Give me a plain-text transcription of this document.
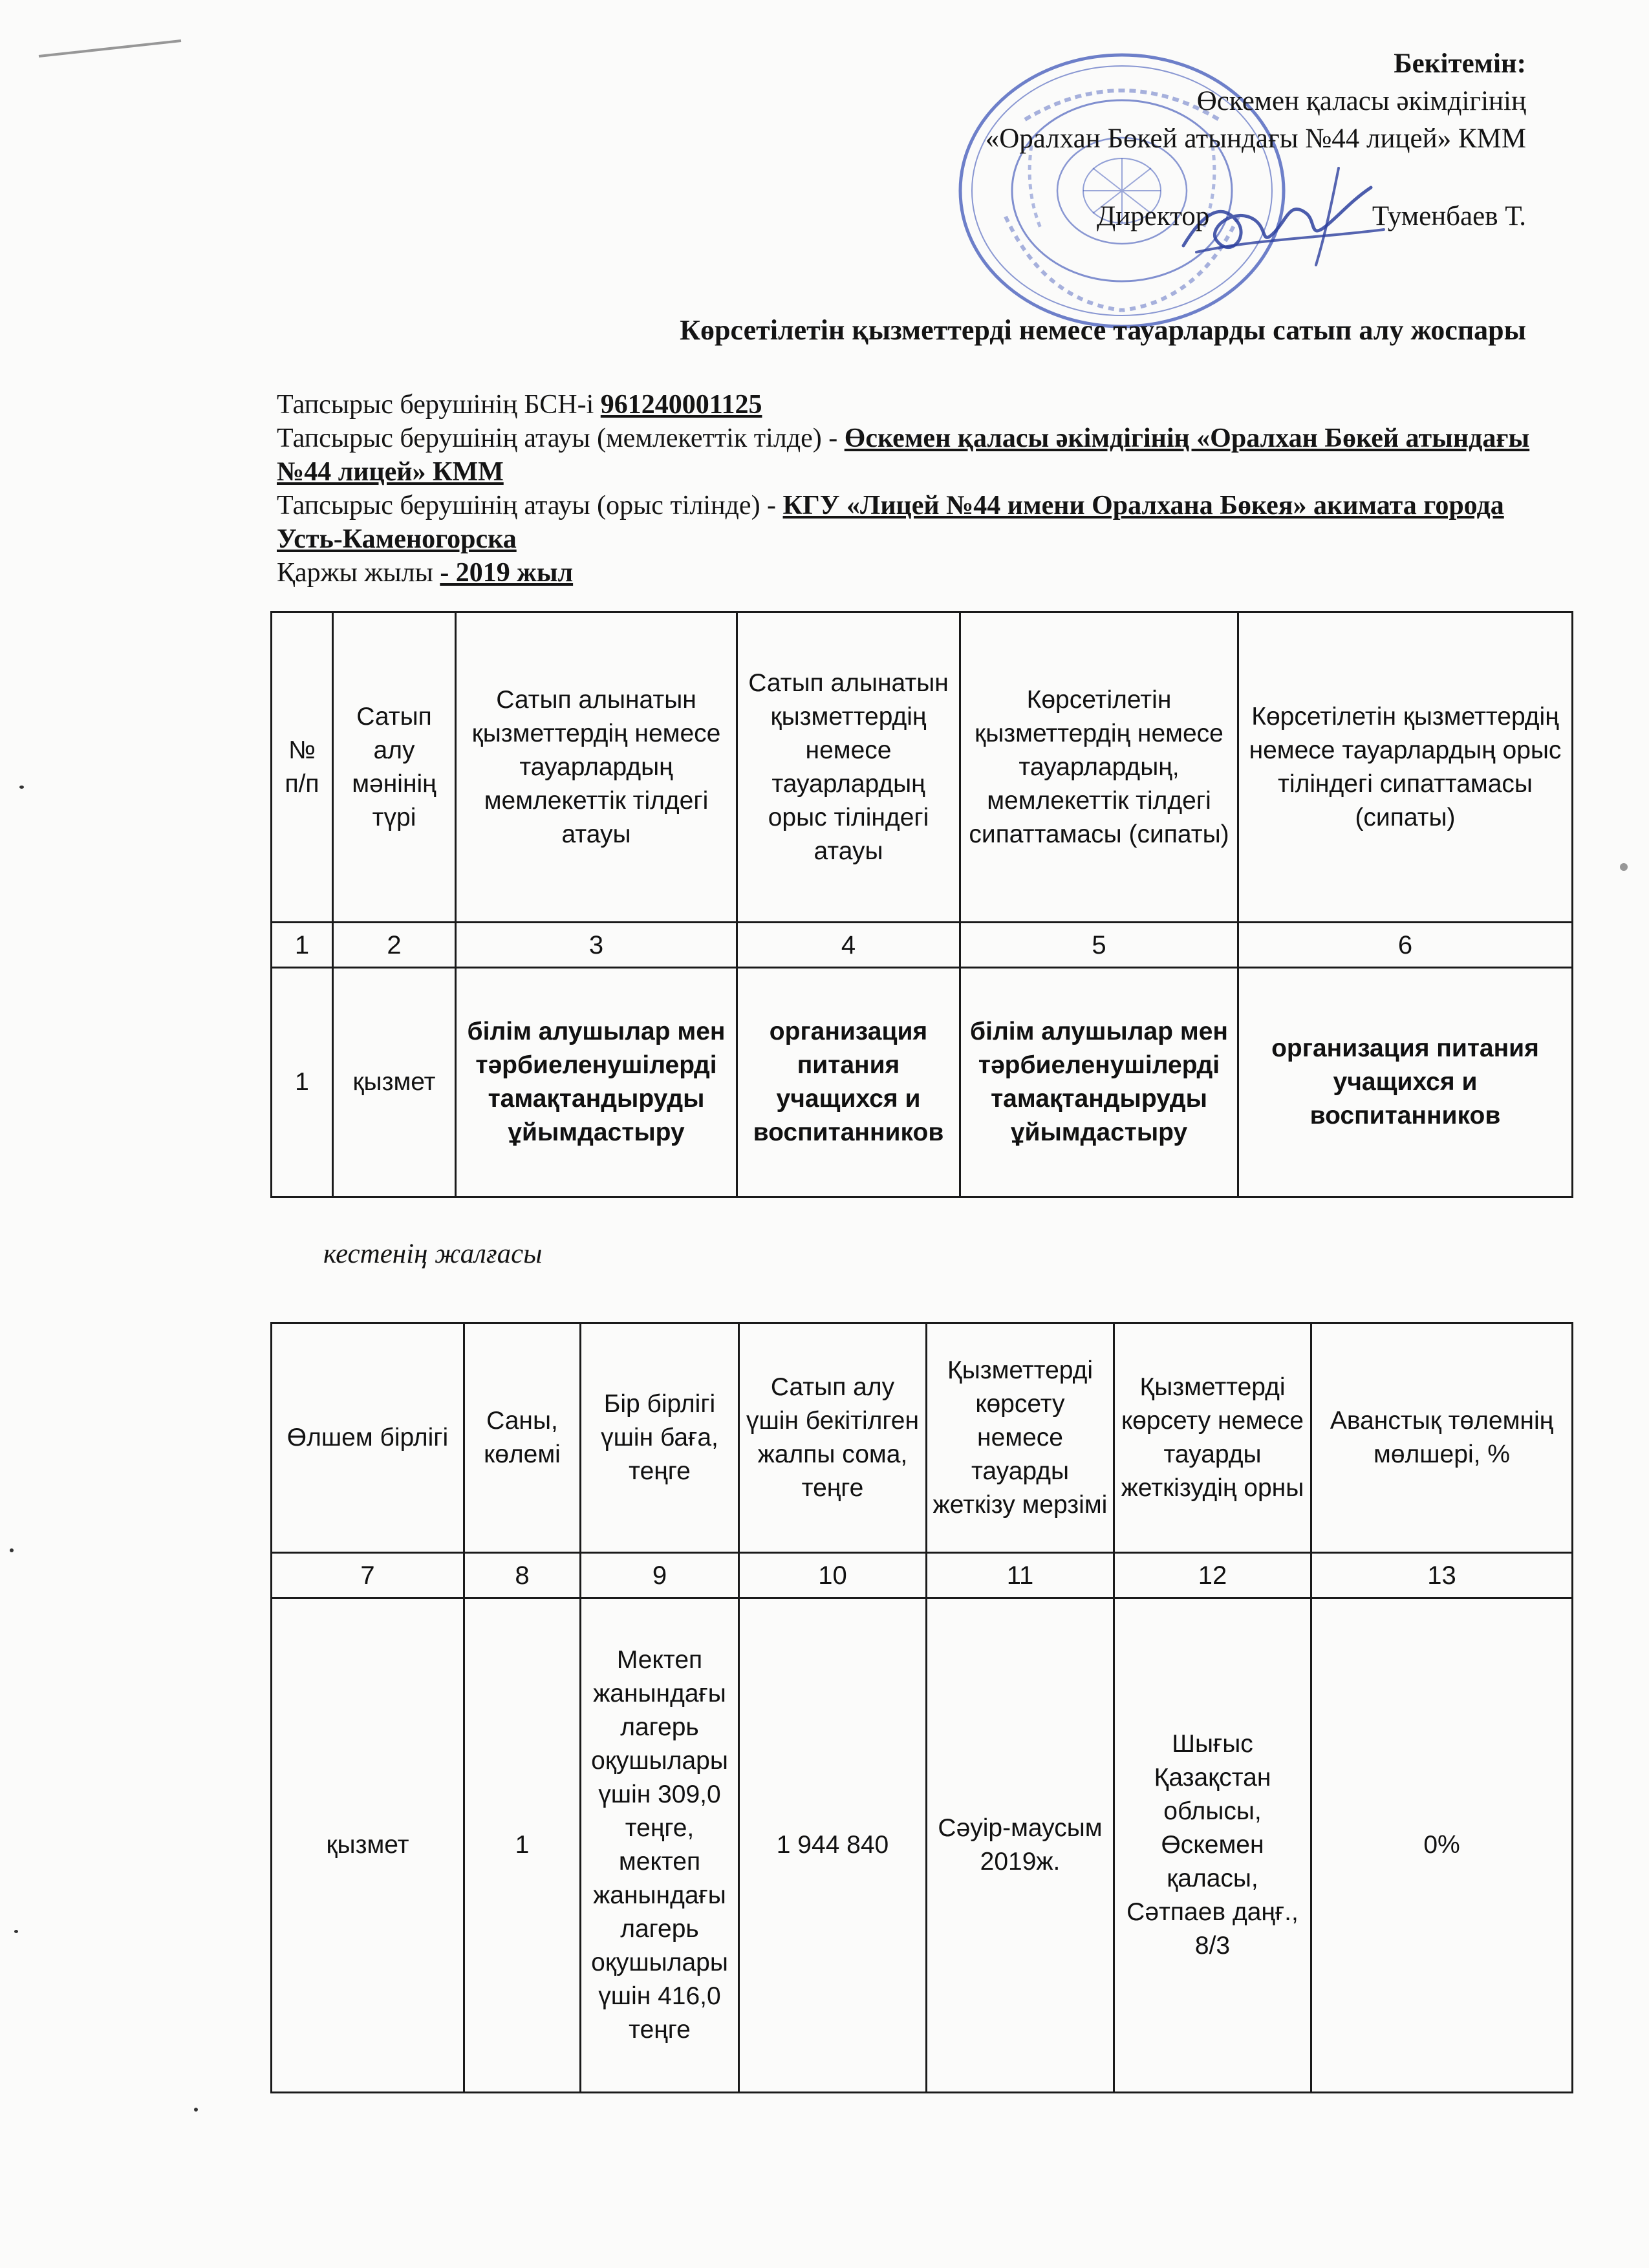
Бекітемін:
Өскемен қаласы әкімдігінің
«Оралхан Бөкей атындағы №44 лицей» КММ
Директор	Туменбаев Т.
Көрсетілетін қызметтерді немесе тауарларды сатып алу жоспары
Тапсырыс берушінің БСН-і 961240001125
Тапсырыс берушінің атауы (мемлекеттік тілде) - Өскемен қаласы әкімдігінің «Оралхан Бөкей атындағы №44 лицей» КММ
Тапсырыс берушінің атауы (орыс тілінде) - КГУ «Лицей №44 имени Оралхана Бөкея» акимата города Усть-Каменогорска
Қаржы жылы - 2019 жыл
№ п/п	Сатып алу мәнінің түрі	Сатып алынатын қызметтердің немесе тауарлардың мемлекеттік тілдегі атауы	Сатып алынатын қызметтердің немесе тауарлардың орыс тіліндегі атауы	Көрсетілетін қызметтердің немесе тауарлардың, мемлекеттік тілдегі сипаттамасы (сипаты)	Көрсетілетін қызметтердің немесе тауарлардың орыс тіліндегі сипаттамасы (сипаты)
1	2	3	4	5	6
1	қызмет	білім алушылар мен тәрбиеленушілерді тамақтандыруды ұйымдастыру	организация питания учащихся и воспитанников	білім алушылар мен тәрбиеленушілерді тамақтандыруды ұйымдастыру	организация питания учащихся и воспитанников
кестенің жалғасы
Өлшем бірлігі	Саны, көлемі	Бір бірлігі үшін баға, теңге	Сатып алу үшін бекітілген жалпы сома, теңге	Қызметтерді көрсету немесе тауарды жеткізу мерзімі	Қызметтерді көрсету немесе тауарды жеткізудің орны	Аванстық төлемнің мөлшері, %
7	8	9	10	11	12	13
қызмет	1	Мектеп жанындағы лагерь оқушылары үшін 309,0 теңге, мектеп жанындағы лагерь оқушылары үшін 416,0 теңге	1 944 840	Сәуір-маусым 2019ж.	Шығыс Қазақстан облысы, Өскемен қаласы, Сәтпаев даңғ., 8/3	0%
